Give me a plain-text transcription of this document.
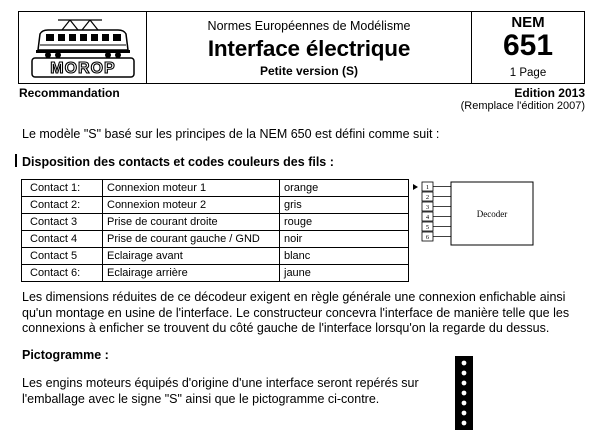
MOROP
Normes Européennes de Modélisme
Interface électrique
Petite version (S)
NEM
651
1 Page
Recommandation	Edition 2013
(Remplace l'édition 2007)
Le modèle "S" basé sur les principes de la NEM 650 est défini comme suit :
Disposition des contacts et codes couleurs des fils :
Contact 1:	Connexion moteur 1	orange
Contact 2:	Connexion moteur 2	gris
Contact 3	Prise de courant droite	rouge
Contact 4	Prise de courant gauche / GND	noir
Contact 5	Eclairage avant	blanc
Contact 6:	Eclairage arrière	jaune
1
2
3
4
5
6
Decoder
Les dimensions réduites de ce décodeur exigent en règle générale une connexion enfichable ainsi qu'un montage en usine de l'interface. Le constructeur concevra l'interface de manière telle que les connexions à enficher se trouvent du côté gauche de l'interface lorsqu'on la regarde du dessus.
Pictogramme :
Les engins moteurs équipés d'origine d'une interface seront repérés sur l'emballage avec le signe "S" ainsi que le pictogramme ci-contre.
